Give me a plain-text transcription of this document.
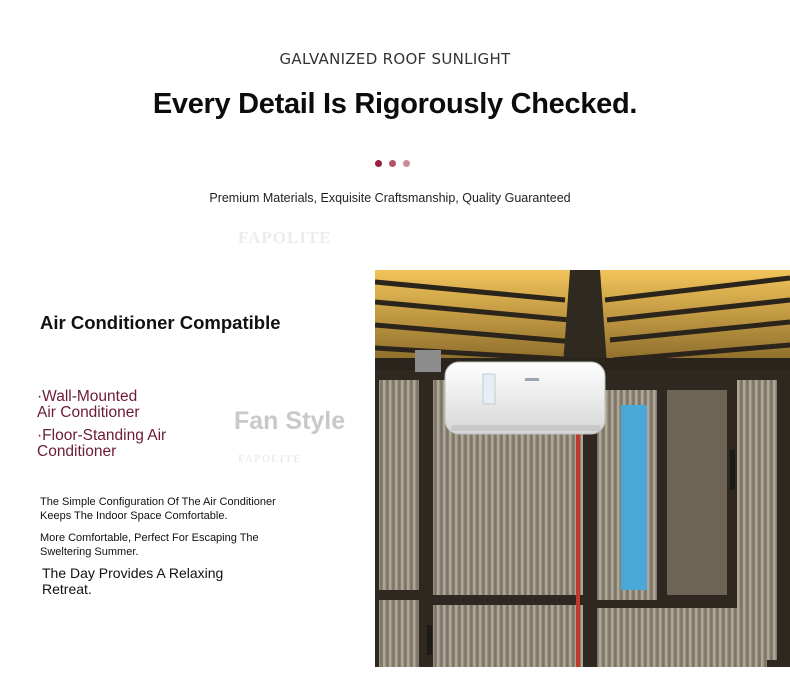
GALVANIZED ROOF SUNLIGHT
Every Detail Is Rigorously Checked.
Premium Materials, Exquisite Craftsmanship, Quality Guaranteed
FAPOLITE
Air Conditioner Compatible
·Wall-Mounted
Air Conditioner
·Floor-Standing Air
Conditioner
Fan Style
FAPOLITE
The Simple Configuration Of The Air Conditioner
Keeps The Indoor Space Comfortable.
More Comfortable, Perfect For Escaping The
Sweltering Summer.
The Day Provides A Relaxing
Retreat.
